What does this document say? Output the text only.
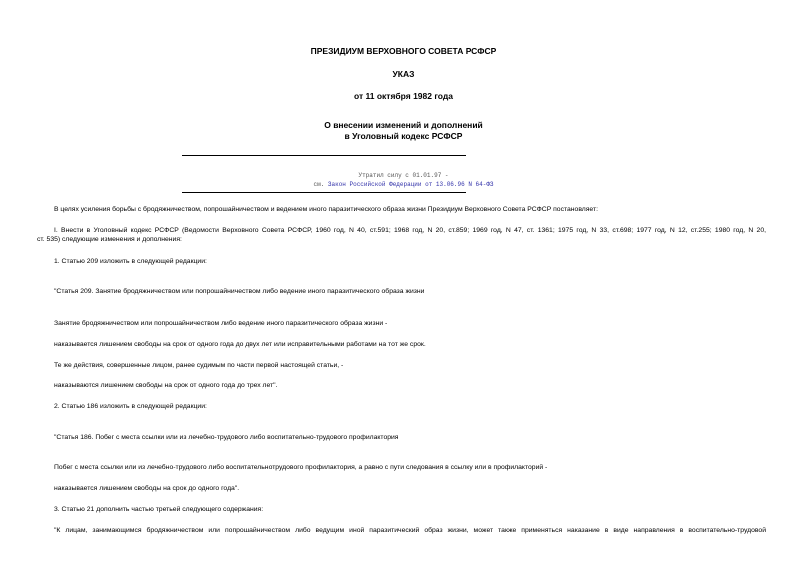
ПРЕЗИДИУМ ВЕРХОВНОГО СОВЕТА РСФСР
УКАЗ
от 11 октября 1982 года
О внесении изменений и дополнений
в Уголовный кодекс РСФСР
Утратил силу с 01.01.97 -
см. Закон Российской Федерации от 13.06.96 N 64-ФЗ
В целях усиления борьбы с бродяжничеством, попрошайничеством и ведением иного паразитического образа жизни Президиум Верховного Совета РСФСР постановляет:
I. Внести в Уголовный кодекс РСФСР (Ведомости Верховного Совета РСФСР, 1960 год, N 40, ст.591; 1968 год, N 20, ст.859; 1969 год, N 47, ст. 1361; 1975 год, N 33, ст.698; 1977 год, N 12, ст.255; 1980 год, N 20,
ст. 535) следующие изменения и дополнения:
1. Статью 209 изложить в следующей редакции:
"Статья 209. Занятие бродяжничеством или попрошайничеством либо ведение иного паразитического образа жизни
Занятие бродяжничеством или попрошайничеством либо ведение иного паразитического образа жизни -
наказывается лишением свободы на срок от одного года до двух лет или исправительными работами на тот же срок.
Те же действия, совершенные лицом, ранее судимым по части первой настоящей статьи, -
наказываются лишением свободы на срок от одного года до трех лет".
2. Статью 186 изложить в следующей редакции:
"Статья 186. Побег с места ссылки или из лечебно-трудового либо воспитательно-трудового профилактория
Побег с места ссылки или из лечебно-трудового либо воспитательнотрудового профилактория, а равно с пути следования в ссылку или в профилакторий -
наказывается лишением свободы на срок до одного года".
3. Статью 21 дополнить частью третьей следующего содержания:
"К лицам, занимающимся бродяжничеством или попрошайничеством либо ведущим иной паразитический образ жизни, может также применяться наказание в виде направления в воспитательно-трудовой
